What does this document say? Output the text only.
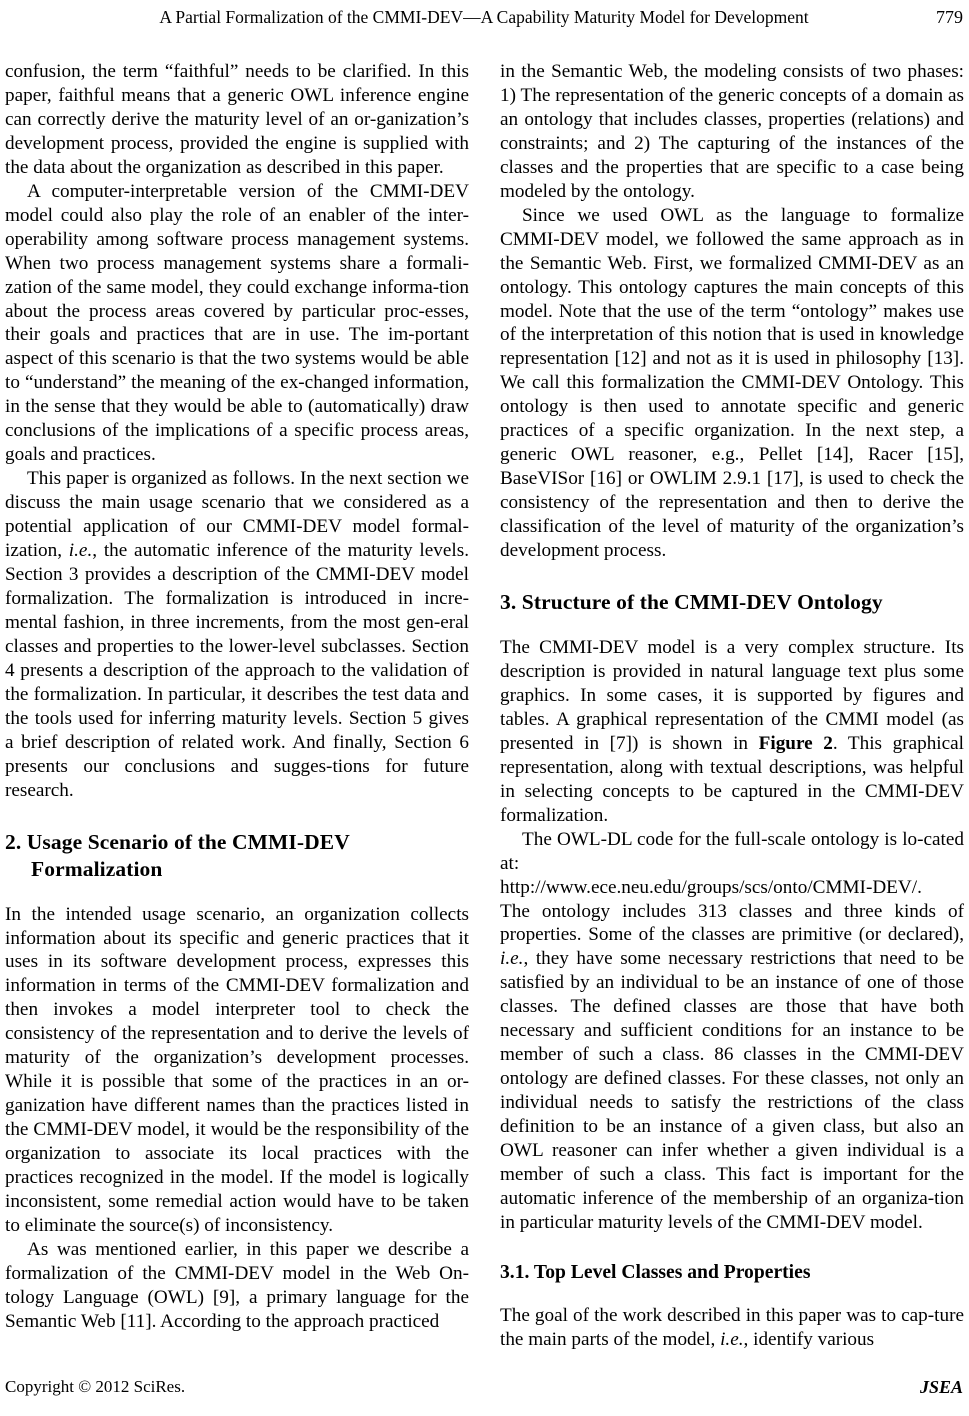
A Partial Formalization of the CMMI-DEV—A Capability Maturity Model for Development	779

confusion, the term “faithful” needs to be clarified. In this paper, faithful means that a generic OWL inference engine can correctly derive the maturity level of an or-ganization’s development process, provided the engine is supplied with the data about the organization as described in this paper.

A computer-interpretable version of the CMMI-DEV model could also play the role of an enabler of the inter-operability among software process management systems. When two process management systems share a formali-zation of the same model, they could exchange informa-tion about the process areas covered by particular proc-esses, their goals and practices that are in use. The im-portant aspect of this scenario is that the two systems would be able to “understand” the meaning of the ex-changed information, in the sense that they would be able to (automatically) draw conclusions of the implications of a specific process areas, goals and practices.

This paper is organized as follows. In the next section we discuss the main usage scenario that we considered as a potential application of our CMMI-DEV model formal-ization, i.e., the automatic inference of the maturity levels. Section 3 provides a description of the CMMI-DEV model formalization. The formalization is introduced in incre-mental fashion, in three increments, from the most gen-eral classes and properties to the lower-level subclasses. Section 4 presents a description of the approach to the validation of the formalization. In particular, it describes the test data and the tools used for inferring maturity levels. Section 5 gives a brief description of related work. And finally, Section 6 presents our conclusions and sugges-tions for future research.

2. Usage Scenario of the CMMI-DEV
Formalization

In the intended usage scenario, an organization collects information about its specific and generic practices that it uses in its software development process, expresses this information in terms of the CMMI-DEV formalization and then invokes a model interpreter tool to check the consistency of the representation and to derive the levels of maturity of the organization’s development processes. While it is possible that some of the practices in an or-ganization have different names than the practices listed in the CMMI-DEV model, it would be the responsibility of the organization to associate its local practices with the practices recognized in the model. If the model is logically inconsistent, some remedial action would have to be taken to eliminate the source(s) of inconsistency.

As was mentioned earlier, in this paper we describe a formalization of the CMMI-DEV model in the Web On-tology Language (OWL) [9], a primary language for the Semantic Web [11]. According to the approach practiced

in the Semantic Web, the modeling consists of two phases: 1) The representation of the generic concepts of a domain as an ontology that includes classes, properties (relations) and constraints; and 2) The capturing of the instances of the classes and the properties that are specific to a case being modeled by the ontology.

Since we used OWL as the language to formalize CMMI-DEV model, we followed the same approach as in the Semantic Web. First, we formalized CMMI-DEV as an ontology. This ontology captures the main concepts of this model. Note that the use of the term “ontology” makes use of the interpretation of this notion that is used in knowledge representation [12] and not as it is used in philosophy [13]. We call this formalization the CMMI-DEV Ontology. This ontology is then used to annotate specific and generic practices of a specific organization. In the next step, a generic OWL reasoner, e.g., Pellet [14], Racer [15], BaseVISor [16] or OWLIM 2.9.1 [17], is used to check the consistency of the representation and then to derive the classification of the level of maturity of the organization’s development process.

3. Structure of the CMMI-DEV Ontology

The CMMI-DEV model is a very complex structure. Its description is provided in natural language text plus some graphics. In some cases, it is supported by figures and tables. A graphical representation of the CMMI model (as presented in [7]) is shown in Figure 2. This graphical representation, along with textual descriptions, was helpful in selecting concepts to be captured in the CMMI-DEV formalization.

The OWL-DL code for the full-scale ontology is lo-cated at:
http://www.ece.neu.edu/groups/scs/onto/CMMI-DEV/.
The ontology includes 313 classes and three kinds of properties. Some of the classes are primitive (or declared), i.e., they have some necessary restrictions that need to be satisfied by an individual to be an instance of one of those classes. The defined classes are those that have both necessary and sufficient conditions for an instance to be member of such a class. 86 classes in the CMMI-DEV ontology are defined classes. For these classes, not only an individual needs to satisfy the restrictions of the class definition to be an instance of a given class, but also an OWL reasoner can infer whether a given individual is a member of such a class. This fact is important for the automatic inference of the membership of an organiza-tion in particular maturity levels of the CMMI-DEV model.

3.1. Top Level Classes and Properties

The goal of the work described in this paper was to cap-ture the main parts of the model, i.e., identify various

Copyright © 2012 SciRes.	JSEA
